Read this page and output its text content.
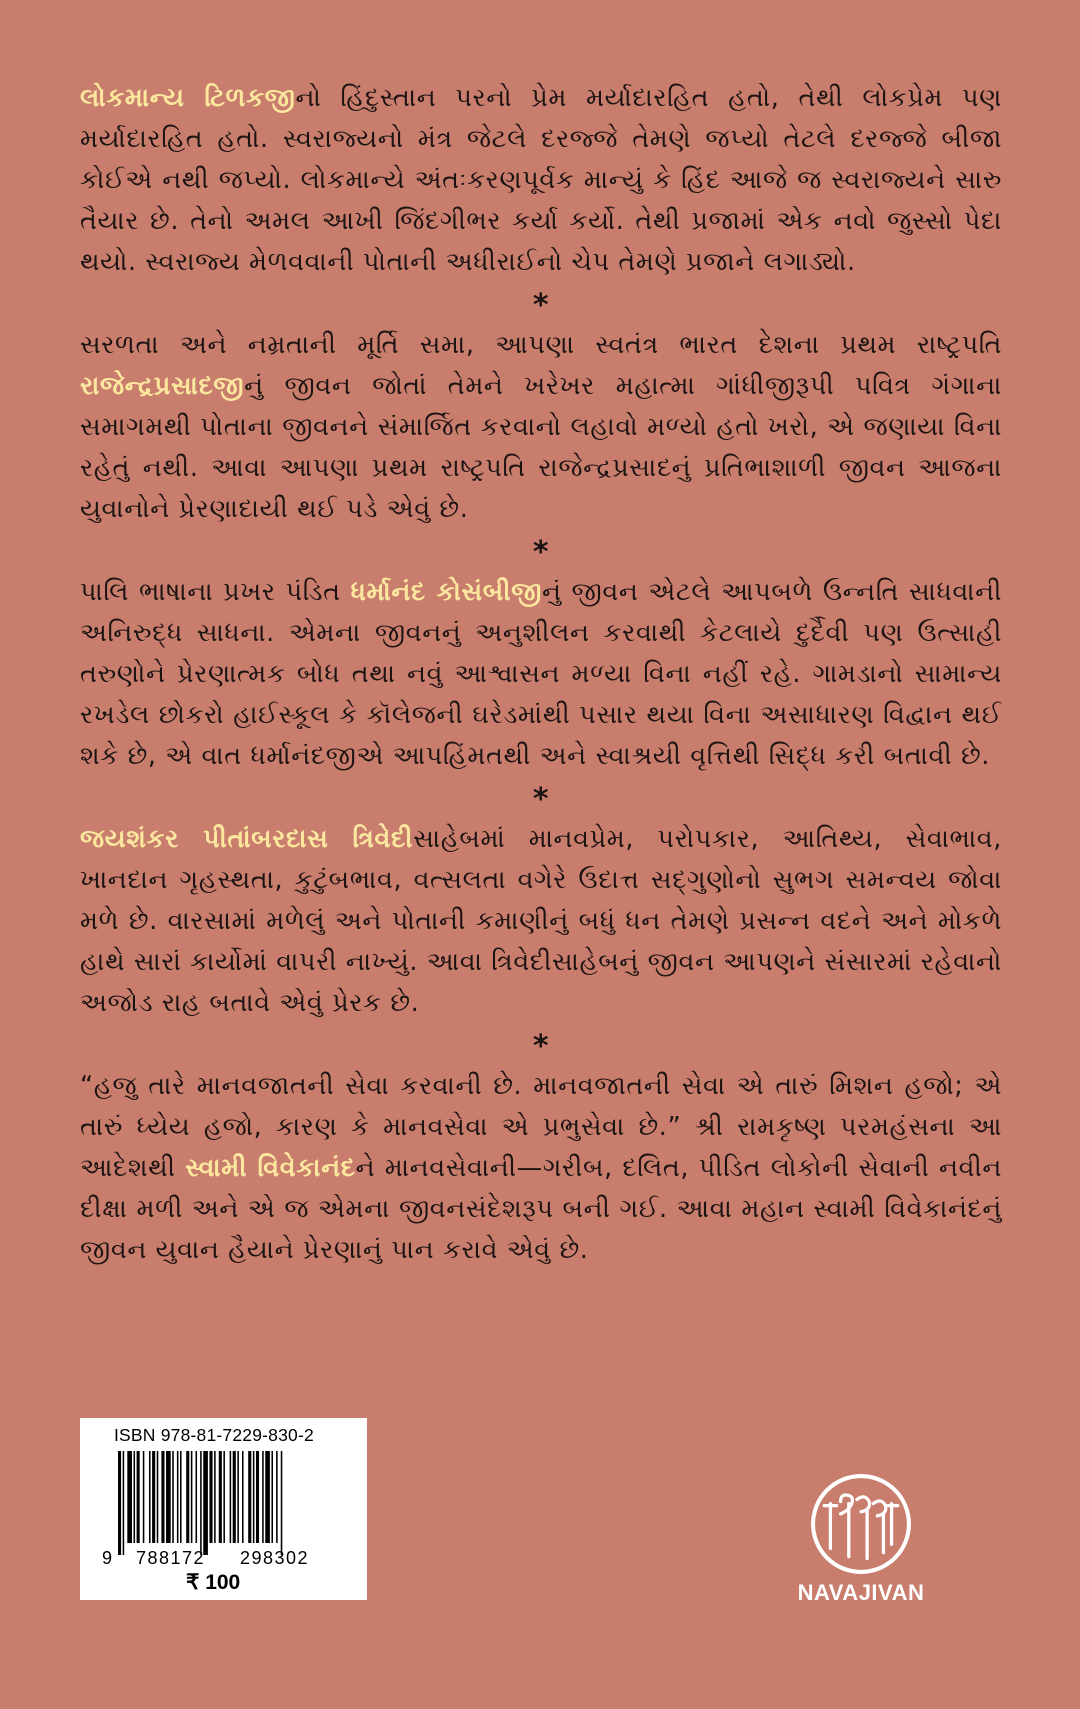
લોકમાન્ય ટિળકજીનો હિંદુસ્તાન પરનો પ્રેમ મર્યાદારહિત હતો, તેથી લોકપ્રેમ પણ મર્યાદારહિત હતો. સ્વરાજ્યનો મંત્ર જેટલે દરજ્જે તેમણે જપ્યો તેટલે દરજ્જે બીજા કોઈએ નથી જપ્યો. લોકમાન્યે અંતઃકરણપૂર્વક માન્યું કે હિંદ આજે જ સ્વરાજ્યને સારુ તૈયાર છે. તેનો અમલ આખી જિંદગીભર કર્યા કર્યો. તેથી પ્રજામાં એક નવો જુસ્સો પેદા થયો. સ્વરાજ્ય મેળવવાની પોતાની અધીરાઈનો ચેપ તેમણે પ્રજાને લગાડ્યો.

*

સરળતા અને નમ્રતાની મૂર્તિ સમા, આપણા સ્વતંત્ર ભારત દેશના પ્રથમ રાષ્ટ્રપતિ રાજેન્દ્રપ્રસાદજીનું જીવન જોતાં તેમને ખરેખર મહાત્મા ગાંધીજીરૂપી પવિત્ર ગંગાના સમાગમથી પોતાના જીવનને સંમાર્જિત કરવાનો લહાવો મળ્યો હતો ખરો, એ જણાયા વિના રહેતું નથી. આવા આપણા પ્રથમ રાષ્ટ્રપતિ રાજેન્દ્રપ્રસાદનું પ્રતિભાશાળી જીવન આજના યુવાનોને પ્રેરણાદાયી થઈ પડે એવું છે.

*

પાલિ ભાષાના પ્રખર પંડિત ધર્માનંદ કોસંબીજીનું જીવન એટલે આપબળે ઉન્નતિ સાધવાની અનિરુદ્ધ સાધના. એમના જીવનનું અનુશીલન કરવાથી કેટલાયે દુર્દૈવી પણ ઉત્સાહી તરુણોને પ્રેરણાત્મક બોધ તથા નવું આશ્વાસન મળ્યા વિના નહીં રહે. ગામડાનો સામાન્ય રખડેલ છોકરો હાઈસ્કૂલ કે કૉલેજની ઘરેડમાંથી પસાર થયા વિના અસાધારણ વિદ્વાન થઈ શકે છે, એ વાત ધર્માનંદજીએ આપહિંમતથી અને સ્વાશ્રયી વૃત્તિથી સિદ્ધ કરી બતાવી છે.

*

જયશંકર પીતાંબરદાસ ત્રિવેદીસાહેબમાં માનવપ્રેમ, પરોપકાર, આતિથ્ય, સેવાભાવ, ખાનદાન ગૃહસ્થતા, કુટુંબભાવ, વત્સલતા વગેરે ઉદાત્ત સદ્ગુણોનો સુભગ સમન્વય જોવા મળે છે. વારસામાં મળેલું અને પોતાની કમાણીનું બધું ધન તેમણે પ્રસન્ન વદને અને મોકળે હાથે સારાં કાર્યોમાં વાપરી નાખ્યું. આવા ત્રિવેદીસાહેબનું જીવન આપણને સંસારમાં રહેવાનો અજોડ રાહ બતાવે એવું પ્રેરક છે.

*

“હજુ તારે માનવજાતની સેવા કરવાની છે. માનવજાતની સેવા એ તારું મિશન હજો; એ તારું ધ્યેય હજો, કારણ કે માનવસેવા એ પ્રભુસેવા છે.” શ્રી રામકૃષ્ણ પરમહંસના આ આદેશથી સ્વામી વિવેકાનંદને માનવસેવાની—ગરીબ, દલિત, પીડિત લોકોની સેવાની નવીન દીક્ષા મળી અને એ જ એમના જીવનસંદેશરૂપ બની ગઈ. આવા મહાન સ્વામી વિવેકાનંદનું જીવન યુવાન હૈયાને પ્રેરણાનું પાન કરાવે એવું છે.

ISBN 978-81-7229-830-2
9 788172 298302
₹ 100	NAVAJIVAN
